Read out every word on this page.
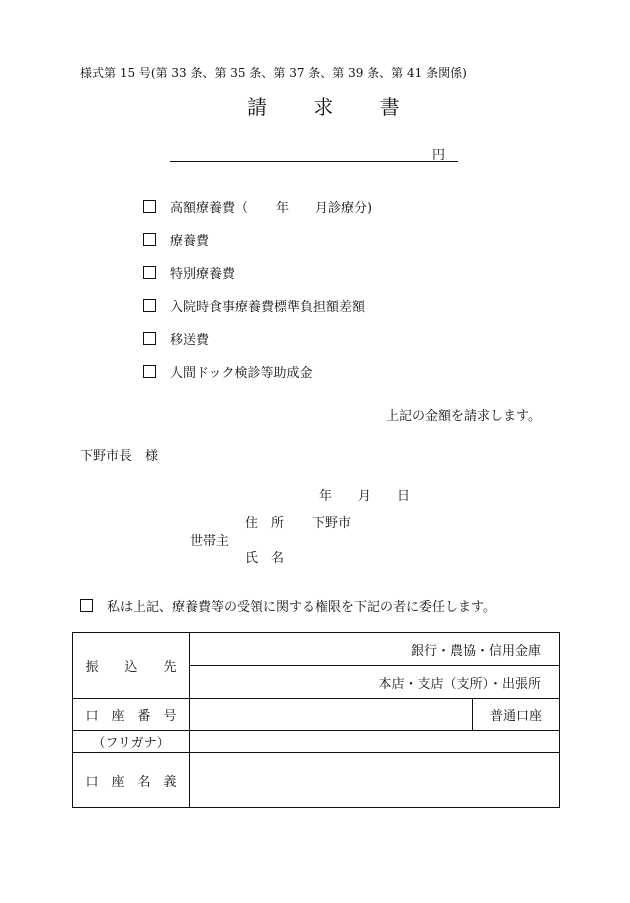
様式第 15 号(第 33 条、第 35 条、第 37 条、第 39 条、第 41 条関係)
請 求 書
円
高額療養費（ 年 月診療分)
療養費
特別療養費
入院時食事療養費標準負担額差額
移送費
人間ドック検診等助成金
上記の金額を請求します。
下野市長　様
年 月 日
住　所 下野市
世帯主
氏　名
私は上記、療養費等の受領に関する権限を下記の者に委任します。
振　　込　　先	銀行・農協・信用金庫	
	本店・支店（支所）・出張所	
口　座　番　号		普通口座
（フリガナ）		
口　座　名　義		
